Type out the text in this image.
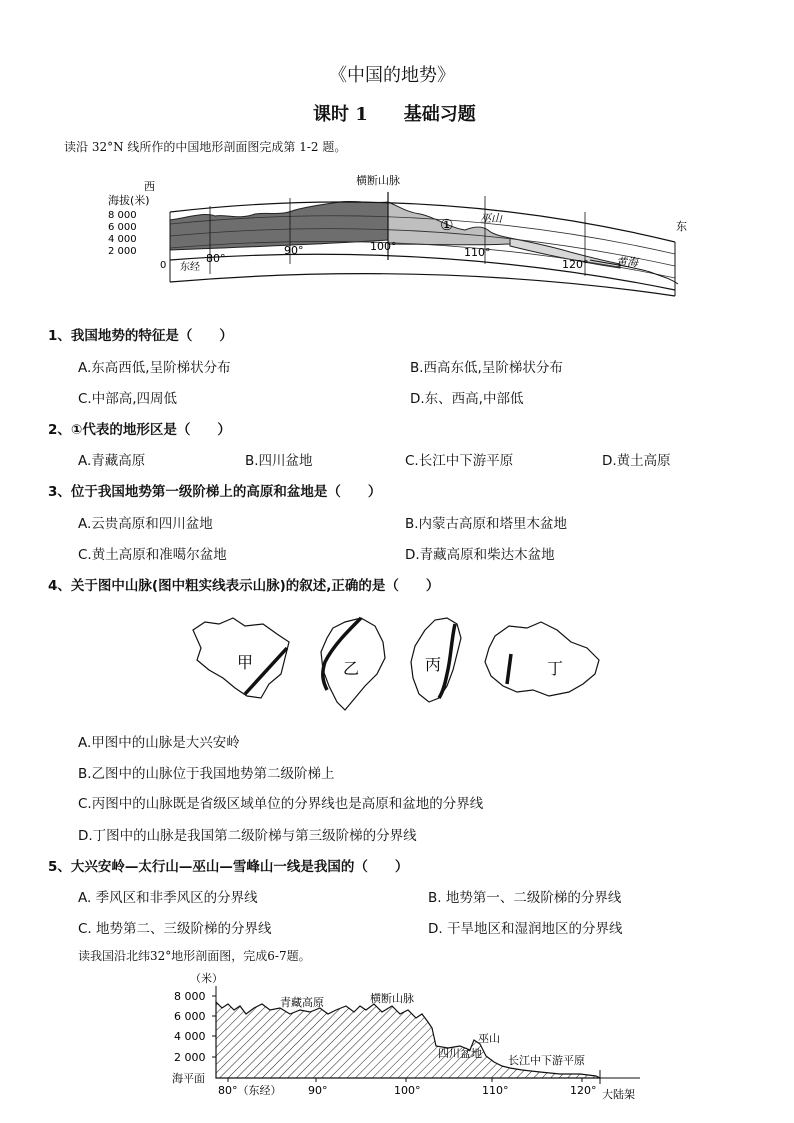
《中国的地势》
课时 1　　基础习题
读沿 32°N 线所作的中国地形剖面图完成第 1-2 题。
西
海拔(米)
8 000
6 000
4 000
2 000
0
横断山脉
① 巫山
东
东经
80°
90°	100°	110°
120°	黄海
1、我国地势的特征是（　　）
A.东高西低,呈阶梯状分布	B.西高东低,呈阶梯状分布
C.中部高,四周低	D.东、西高,中部低
2、①代表的地形区是（　　）
A.青藏高原	B.四川盆地	C.长江中下游平原	D.黄土高原
3、位于我国地势第一级阶梯上的高原和盆地是（　　）
A.云贵高原和四川盆地	B.内蒙古高原和塔里木盆地
C.黄土高原和准噶尔盆地	D.青藏高原和柴达木盆地
4、关于图中山脉(图中粗实线表示山脉)的叙述,正确的是（　　）
甲	乙	丙	丁
A.甲图中的山脉是大兴安岭
B.乙图中的山脉位于我国地势第二级阶梯上
C.丙图中的山脉既是省级区域单位的分界线也是高原和盆地的分界线
D.丁图中的山脉是我国第二级阶梯与第三级阶梯的分界线
5、大兴安岭—太行山—巫山—雪峰山一线是我国的（　　）
A. 季风区和非季风区的分界线	B. 地势第一、二级阶梯的分界线
C. 地势第二、三级阶梯的分界线	D. 干旱地区和湿润地区的分界线
读我国沿北纬32°地形剖面图，完成6-7题。
（米）
8 000
6 000
4 000
2 000
海平面
80°（东经） 90°	100°	110°	120°
青藏高原	横断山脉
巫山
四川盆地
长江中下游平原
大陆架
